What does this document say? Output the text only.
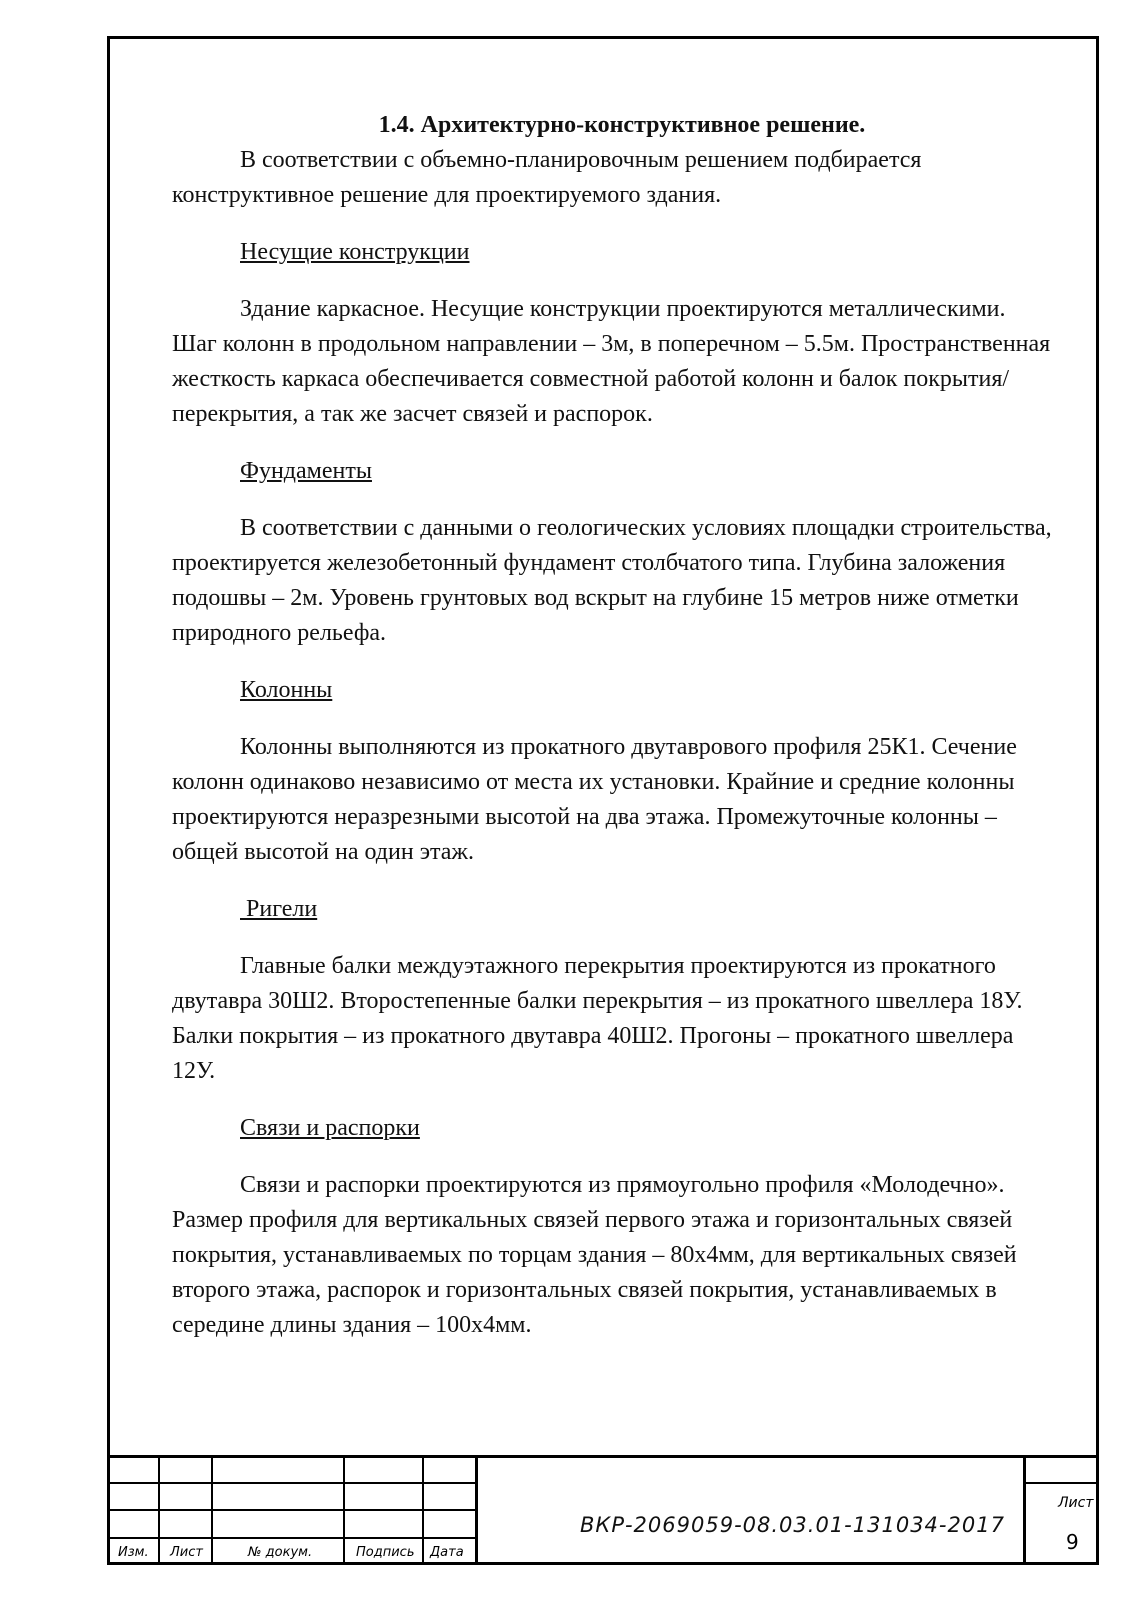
1.4. Архитектурно-конструктивное решение.

В соответствии с объемно-планировочным решением подбирается конструктивное решение для проектируемого здания.

Несущие конструкции

Здание каркасное. Несущие конструкции проектируются металлическими. Шаг колонн в продольном направлении – 3м, в поперечном – 5.5м. Пространственная жесткость каркаса обеспечивается совместной работой колонн и балок покрытия/перекрытия, а так же засчет связей и распорок.

Фундаменты

В соответствии с данными о геологических условиях площадки строительства, проектируется железобетонный фундамент столбчатого типа. Глубина заложения подошвы – 2м. Уровень грунтовых вод вскрыт на глубине 15 метров ниже отметки природного рельефа.

Колонны

Колонны выполняются из прокатного двутаврового профиля 25К1. Сечение колонн одинаково независимо от места их установки. Крайние и средние колонны проектируются неразрезными высотой на два этажа. Промежуточные колонны – общей высотой на один этаж.

Ригели

Главные балки междуэтажного перекрытия проектируются из прокатного двутавра 30Ш2. Второстепенные балки перекрытия – из прокатного швеллера 18У. Балки покрытия – из прокатного двутавра 40Ш2. Прогоны – прокатного швеллера 12У.

Связи и распорки

Связи и распорки проектируются из прямоугольно профиля «Молодечно». Размер профиля для вертикальных связей первого этажа и горизонтальных связей покрытия, устанавливаемых по торцам здания – 80х4мм, для вертикальных связей второго этажа, распорок и горизонтальных связей покрытия, устанавливаемых в середине длины здания – 100х4мм.

Изм. Лист	№ докум.	Подпись Дата
ВКР-2069059-08.03.01-131034-2017
Лист
9
